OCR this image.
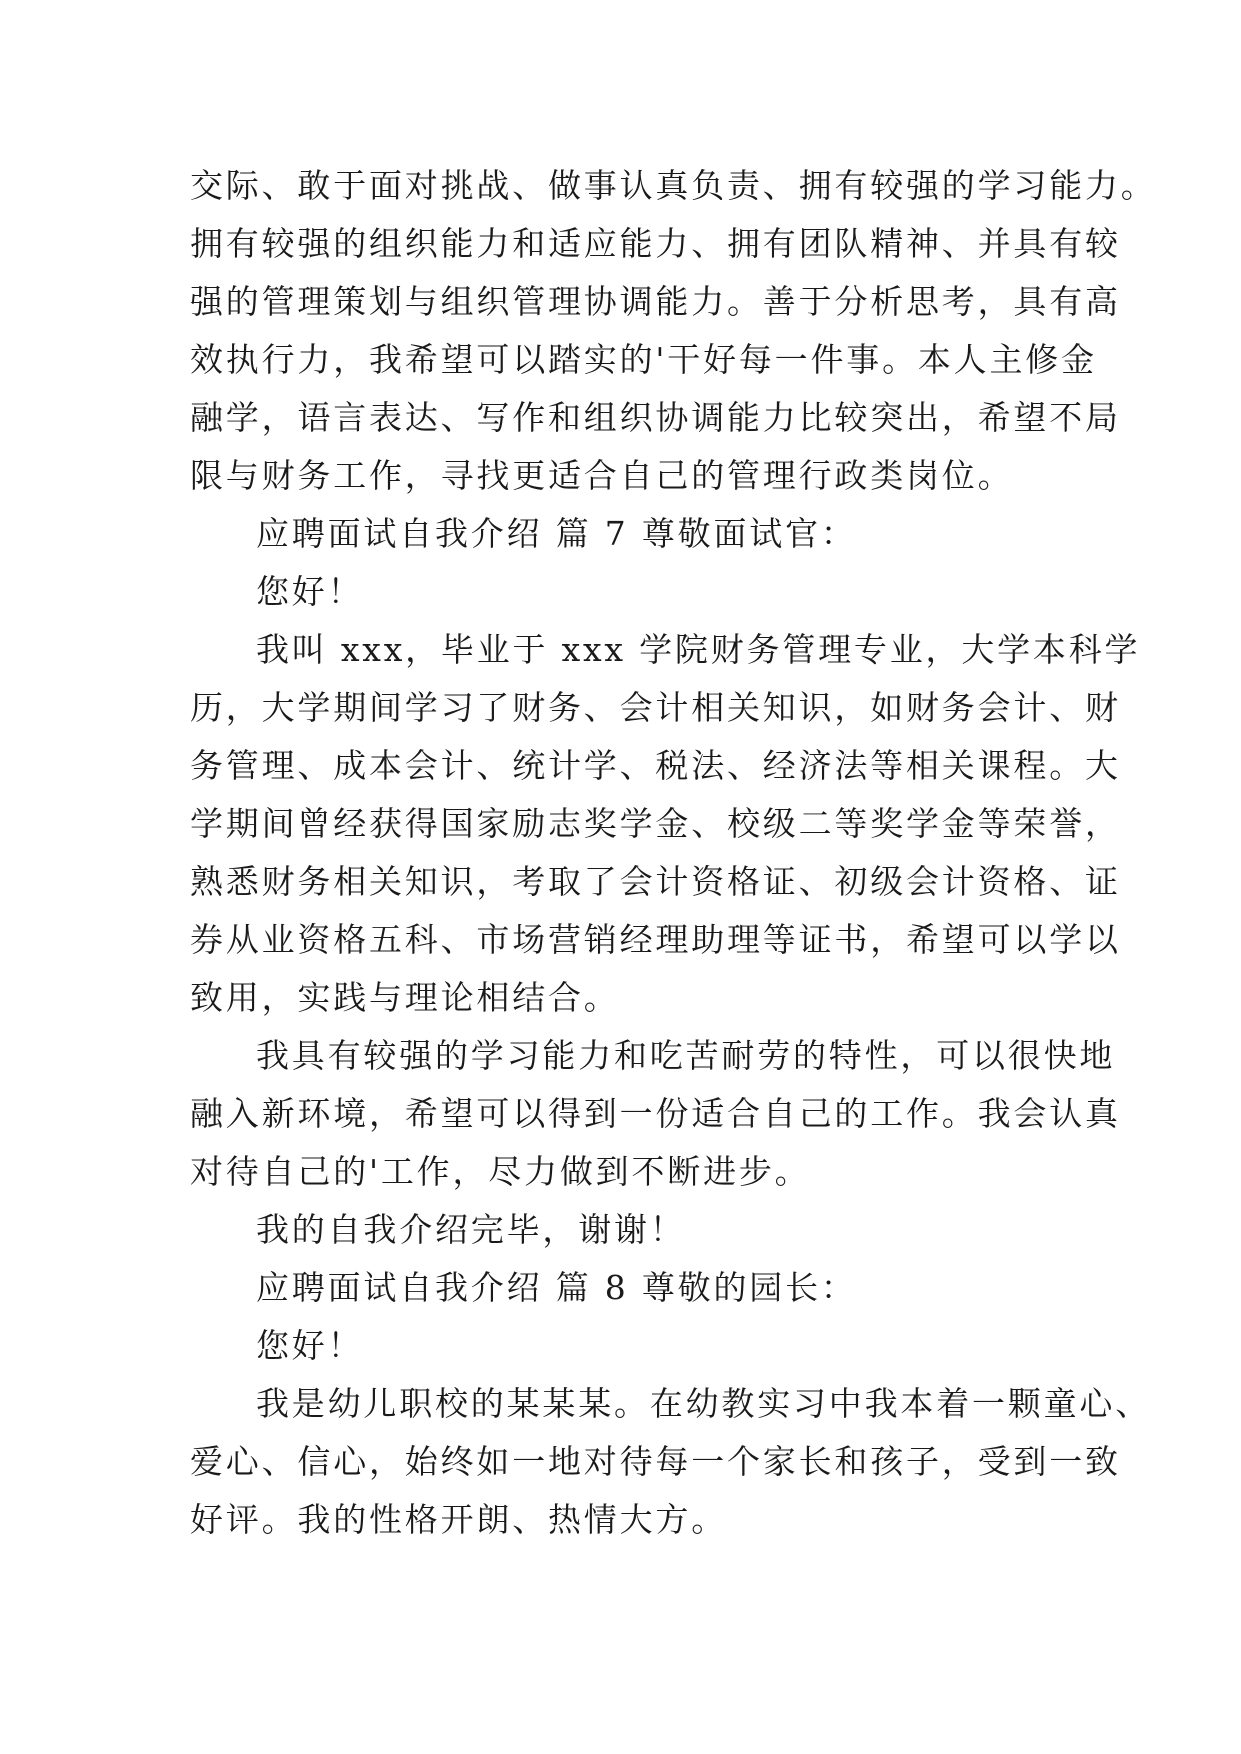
交际、敢于面对挑战、做事认真负责、拥有较强的学习能力。

拥有较强的组织能力和适应能力、拥有团队精神、并具有较

强的管理策划与组织管理协调能力。善于分析思考，具有高

效执行力，我希望可以踏实的'干好每一件事。本人主修金

融学，语言表达、写作和组织协调能力比较突出，希望不局

限与财务工作，寻找更适合自己的管理行政类岗位。

应聘面试自我介绍 篇 7 尊敬面试官：

您好！

我叫 xxx，毕业于 xxx 学院财务管理专业，大学本科学

历，大学期间学习了财务、会计相关知识，如财务会计、财

务管理、成本会计、统计学、税法、经济法等相关课程。大

学期间曾经获得国家励志奖学金、校级二等奖学金等荣誉，

熟悉财务相关知识，考取了会计资格证、初级会计资格、证

券从业资格五科、市场营销经理助理等证书，希望可以学以

致用，实践与理论相结合。

我具有较强的学习能力和吃苦耐劳的特性，可以很快地

融入新环境，希望可以得到一份适合自己的工作。我会认真

对待自己的'工作，尽力做到不断进步。

我的自我介绍完毕，谢谢！

应聘面试自我介绍 篇 8 尊敬的园长：

您好！

我是幼儿职校的某某某。在幼教实习中我本着一颗童心、

爱心、信心，始终如一地对待每一个家长和孩子，受到一致

好评。我的性格开朗、热情大方。
